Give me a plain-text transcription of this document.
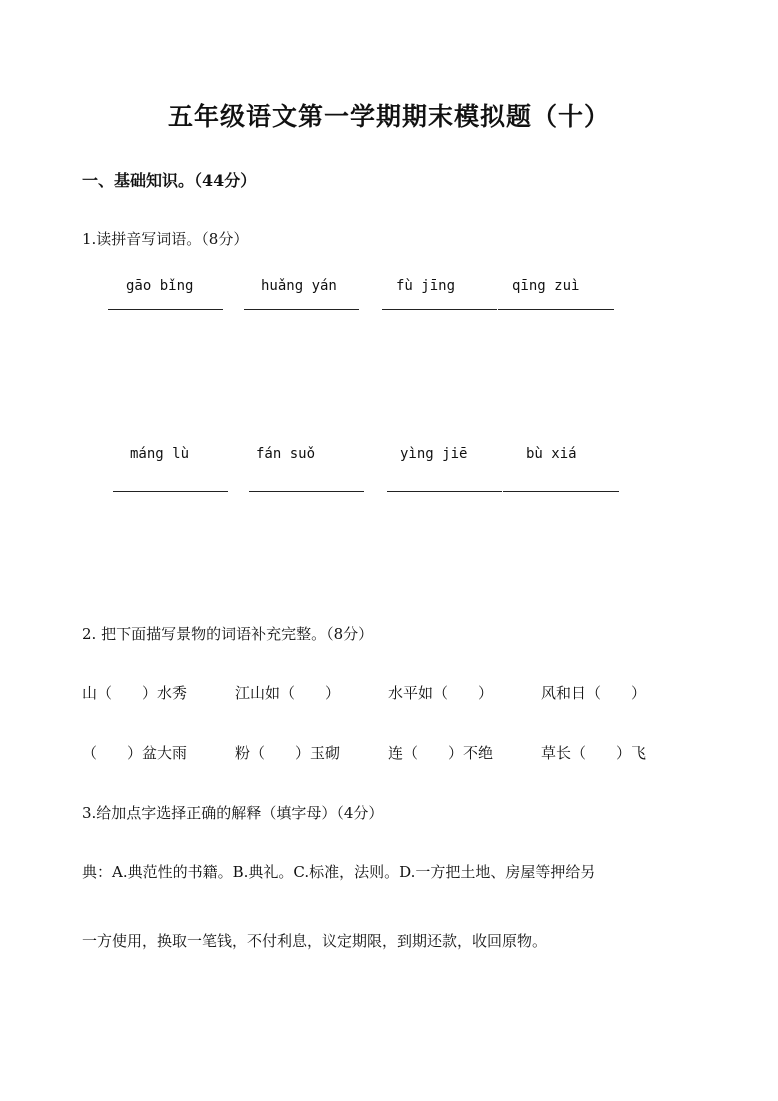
五年级语文第一学期期末模拟题（十）
一、基础知识。（44分）
1.读拼音写词语。（8分）
gāo bǐng	huǎng yán	fù jīng	qīng zuì
máng lù	fán suǒ	yìng jiē	bù xiá
2. 把下面描写景物的词语补充完整。（8分）
山（　　）水秀	江山如（　　）	水平如（　　）	风和日（　　）
（　　）盆大雨	粉（　　）玉砌	连（　　）不绝	草长（　　）飞
3.给加点字选择正确的解释（填字母）（4分）
典：A.典范性的书籍。B.典礼。C.标准，法则。D.一方把土地、房屋等押给另
一方使用，换取一笔钱，不付利息，议定期限，到期还款，收回原物。
